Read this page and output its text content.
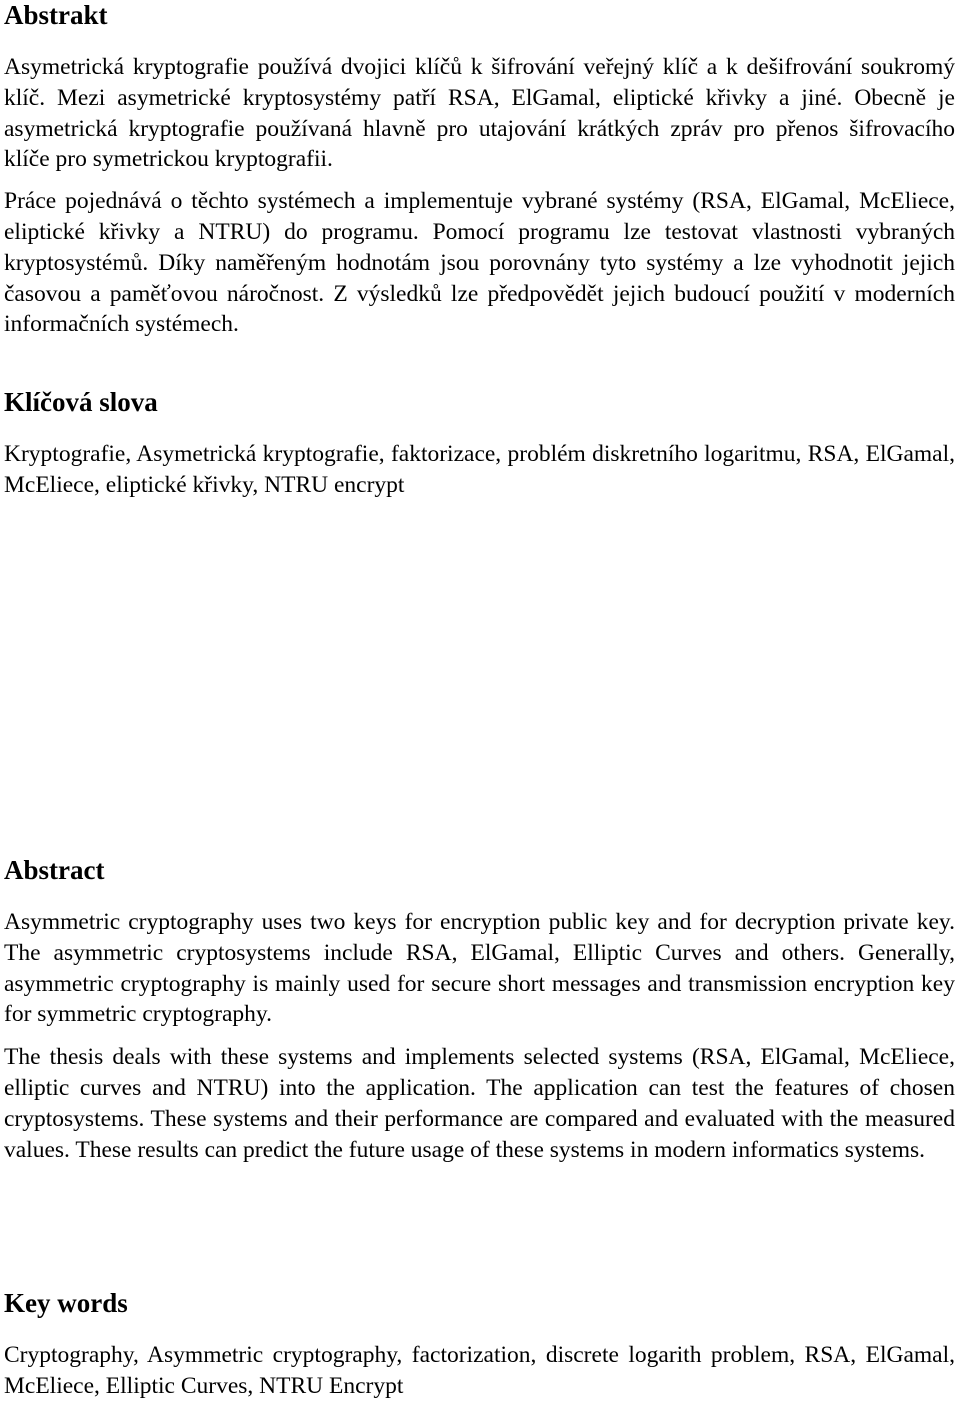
Abstrakt

Asymetrická kryptografie používá dvojici klíčů k šifrování veřejný klíč a k dešifrování soukromý klíč. Mezi asymetrické kryptosystémy patří RSA, ElGamal, eliptické křivky a jiné. Obecně je asymetrická kryptografie používaná hlavně pro utajování krátkých zpráv pro přenos šifrovacího klíče pro symetrickou kryptografii.

Práce pojednává o těchto systémech a implementuje vybrané systémy (RSA, ElGamal, McEliece, eliptické křivky a NTRU) do programu. Pomocí programu lze testovat vlastnosti vybraných kryptosystémů. Díky naměřeným hodnotám jsou porovnány tyto systémy a lze vyhodnotit jejich časovou a paměťovou náročnost. Z výsledků lze předpovědět jejich budoucí použití v moderních informačních systémech.

Klíčová slova

Kryptografie, Asymetrická kryptografie, faktorizace, problém diskretního logaritmu, RSA, ElGamal, McEliece, eliptické křivky, NTRU encrypt

Abstract

Asymmetric cryptography uses two keys for encryption public key and for decryption private key. The asymmetric cryptosystems include RSA, ElGamal, Elliptic Curves and others. Generally, asymmetric cryptography is mainly used for secure short messages and transmission encryption key for symmetric cryptography.

The thesis deals with these systems and implements selected systems (RSA, ElGamal, McEliece, elliptic curves and NTRU) into the application. The application can test the features of chosen cryptosystems. These systems and their performance are compared and evaluated with the measured values. These results can predict the future usage of these systems in modern informatics systems.

Key words

Cryptography, Asymmetric cryptography, factorization, discrete logarith problem, RSA, ElGamal, McEliece, Elliptic Curves, NTRU Encrypt
